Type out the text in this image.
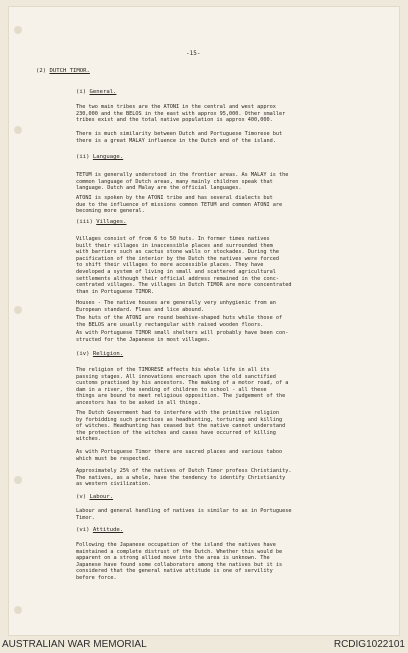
-15-
(2) DUTCH TIMOR.
(i) General.
The two main tribes are the ATONI in the central and west approx
230,000 and the BELOS in the east with approx 95,000. Other smaller
tribes exist and the total native population is approx 400,000.
There is much similarity between Dutch and Portuguese Timorese but
there is a great MALAY influence in the Dutch end of the island.
(ii) Language.
TETUM is generally understood in the frontier areas. As MALAY is the
common language of Dutch areas, many mainly children speak that
language. Dutch and Malay are the official languages.
ATONI is spoken by the ATONI tribe and has several dialects but
due to the influence of missions common TETUM and common ATONI are
becoming more general.
(iii) Villages.
Villages consist of from 6 to 50 huts. In former times natives
built their villages in inaccessible places and surrounded them
with barriers such as cactus stone walls or stockades. During the
pacification of the interior by the Dutch the natives were forced
to shift their villages to more accessible places. They have
developed a system of living in small and scattered agricultural
settlements although their official address remained in the conc-
centrated villages. The villages in Dutch TIMOR are more concentrated
than in Portuguese TIMOR.
Houses - The native houses are generally very unhygienic from an
European standard. Fleas and lice abound.
The huts of the ATONI are round beehive-shaped huts while those of
the BELOS are usually rectangular with raised wooden floors.
As with Portuguese TIMOR small shelters will probably have been con-
structed for the Japanese in most villages.
(iv) Religion.
The religion of the TIMORESE affects his whole life in all its
passing stages. All innovations encroach upon the old sanctified
customs practised by his ancestors. The making of a motor road, of a
dam in a river, the sending of children to school - all these
things are bound to meet religious opposition. The judgement of the
ancestors has to be asked in all things.
The Dutch Government had to interfere with the primitive religion
by forbidding such practices as headhunting, torturing and killing
of witches. Headhunting has ceased but the native cannot understand
the protection of the witches and cases have occurred of killing
witches.
As with Portuguese Timor there are sacred places and various taboo
which must be respected.
Approximately 25% of the natives of Dutch Timor profess Christianity.
The natives, as a whole, have the tendency to identify Christianity
as western civilization.
(v) Labour.
Labour and general handling of natives is similar to as in Portuguese
Timor.
(vi) Attitude.
Following the Japanese occupation of the island the natives have
maintained a complete distrust of the Dutch. Whether this would be
apparent on a strong allied move into the area is unknown. The
Japanese have found some collaborators among the natives but it is
considered that the general native attitude is one of servility
before force.
AUSTRALIAN WAR MEMORIAL	RCDIG1022101
